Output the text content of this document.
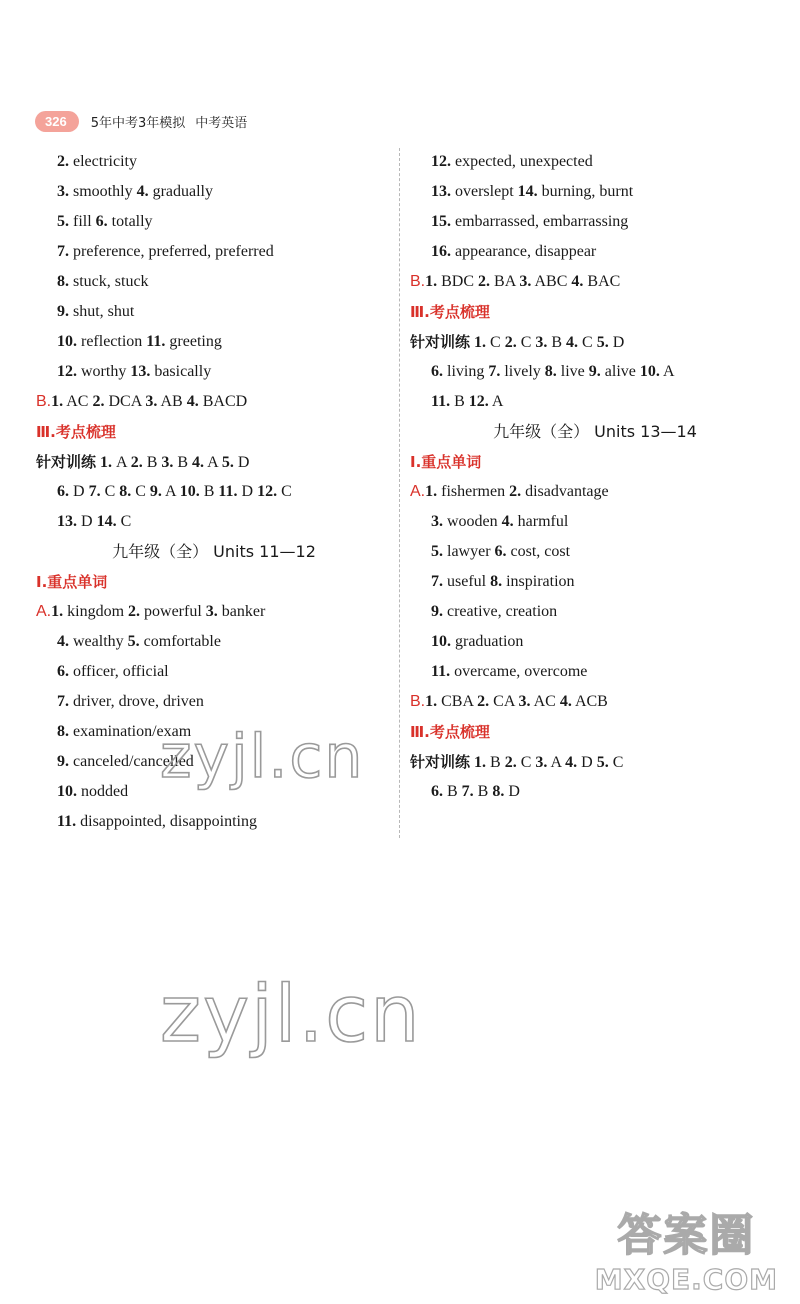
326	5年中考3年模拟 中考英语
2. electricity
3. smoothly 4. gradually
5. fill 6. totally
7. preference, preferred, preferred
8. stuck, stuck
9. shut, shut
10. reflection 11. greeting
12. worthy 13. basically
B.1. AC 2. DCA 3. AB 4. BACD
Ⅲ.考点梳理
针对训练 1. A 2. B 3. B 4. A 5. D
6. D 7. C 8. C 9. A 10. B 11. D 12. C
13. D 14. C
九年级（全） Units 11—12
Ⅰ.重点单词
A.1. kingdom 2. powerful 3. banker
4. wealthy 5. comfortable
6. officer, official
7. driver, drove, driven
8. examination/exam
9. canceled/cancelled
10. nodded
11. disappointed, disappointing
12. expected, unexpected
13. overslept 14. burning, burnt
15. embarrassed, embarrassing
16. appearance, disappear
B.1. BDC 2. BA 3. ABC 4. BAC
Ⅲ.考点梳理
针对训练 1. C 2. C 3. B 4. C 5. D
6. living 7. lively 8. live 9. alive 10. A
11. B 12. A
九年级（全） Units 13—14
Ⅰ.重点单词
A.1. fishermen 2. disadvantage
3. wooden 4. harmful
5. lawyer 6. cost, cost
7. useful 8. inspiration
9. creative, creation
10. graduation
11. overcame, overcome
B.1. CBA 2. CA 3. AC 4. ACB
Ⅲ.考点梳理
针对训练 1. B 2. C 3. A 4. D 5. C
6. B 7. B 8. D
zyjl.cn
zyjl.cn
答案圈
MXQE.COM
